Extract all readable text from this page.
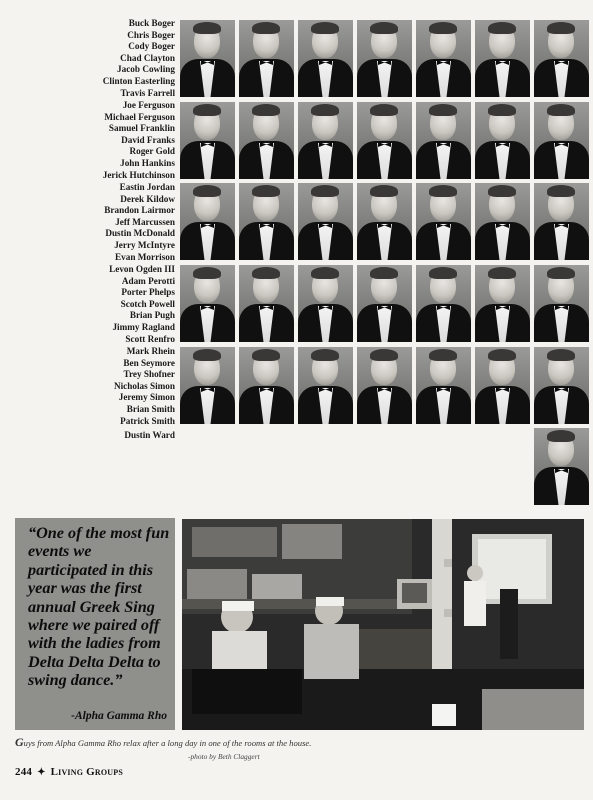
Buck Boger
Chris Boger
Cody Boger
Chad Clayton
Jacob Cowling
Clinton Easterling
Travis Farrell
Joe Ferguson
Michael Ferguson
Samuel Franklin
David Franks
Roger Gold
John Hankins
Jerick Hutchinson
Eastin Jordan
Derek Kildow
Brandon Lairmor
Jeff Marcussen
Dustin McDonald
Jerry McIntyre
Evan Morrison
Levon Ogden III
Adam Perotti
Porter Phelps
Scotch Powell
Brian Pugh
Jimmy Ragland
Scott Renfro
Mark Rhein
Ben Seymore
Trey Shofner
Nicholas Simon
Jeremy Simon
Brian Smith
Patrick Smith
Dustin Ward
“One of the most fun events we participated in this year was the first annual Greek Sing where we paired off with the ladies from Delta Delta Delta to swing dance.”
-Alpha Gamma Rho
Guys from Alpha Gamma Rho relax after a long day in one of the rooms at the house.
-photo by Beth Claggert
244 ✦ Living Groups
